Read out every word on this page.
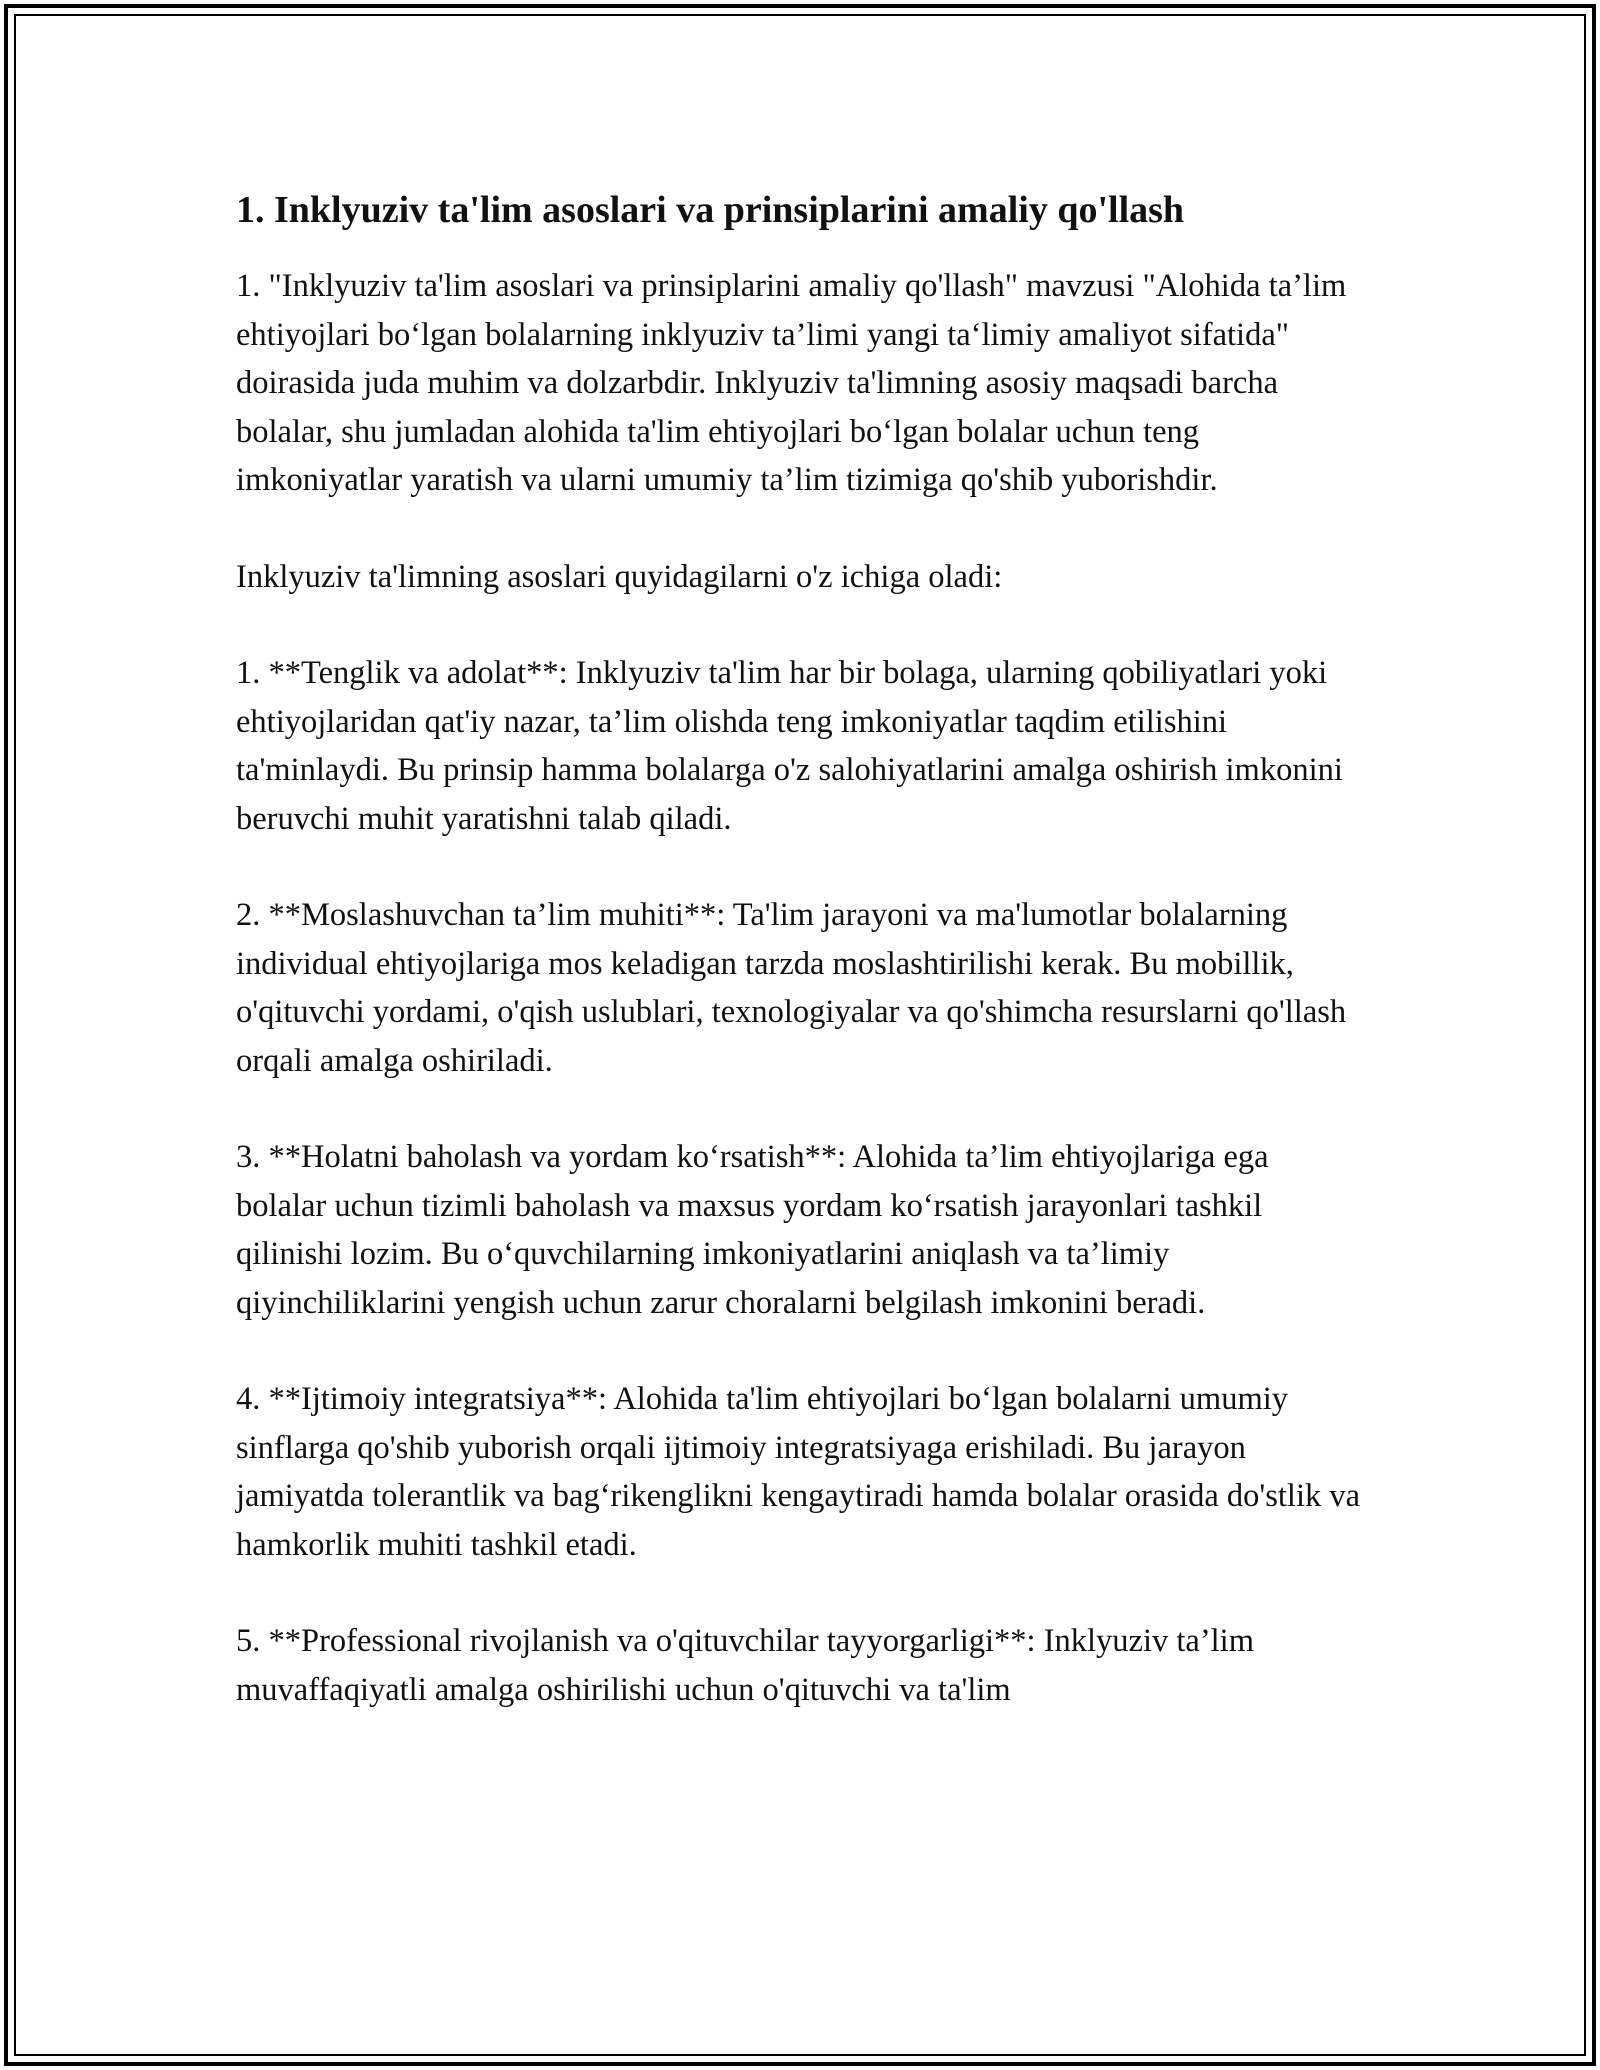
1. Inklyuziv ta'lim asoslari va prinsiplarini amaliy qo'llash

1. "Inklyuziv ta'lim asoslari va prinsiplarini amaliy qo'llash" mavzusi "Alohida ta’lim ehtiyojlari bo‘lgan bolalarning inklyuziv ta’limi yangi ta‘limiy amaliyot sifatida" doirasida juda muhim va dolzarbdir. Inklyuziv ta'limning asosiy maqsadi barcha bolalar, shu jumladan alohida ta'lim ehtiyojlari bo‘lgan bolalar uchun teng imkoniyatlar yaratish va ularni umumiy ta’lim tizimiga qo'shib yuborishdir.

Inklyuziv ta'limning asoslari quyidagilarni o'z ichiga oladi:

1. **Tenglik va adolat**: Inklyuziv ta'lim har bir bolaga, ularning qobiliyatlari yoki ehtiyojlaridan qat'iy nazar, ta’lim olishda teng imkoniyatlar taqdim etilishini ta'minlaydi. Bu prinsip hamma bolalarga o'z salohiyatlarini amalga oshirish imkonini beruvchi muhit yaratishni talab qiladi.

2. **Moslashuvchan ta’lim muhiti**: Ta'lim jarayoni va ma'lumotlar bolalarning individual ehtiyojlariga mos keladigan tarzda moslashtirilishi kerak. Bu mobillik, o'qituvchi yordami, o'qish uslublari, texnologiyalar va qo'shimcha resurslarni qo'llash orqali amalga oshiriladi.

3. **Holatni baholash va yordam ko‘rsatish**: Alohida ta’lim ehtiyojlariga ega bolalar uchun tizimli baholash va maxsus yordam ko‘rsatish jarayonlari tashkil qilinishi lozim. Bu o‘quvchilarning imkoniyatlarini aniqlash va ta’limiy qiyinchiliklarini yengish uchun zarur choralarni belgilash imkonini beradi.

4. **Ijtimoiy integratsiya**: Alohida ta'lim ehtiyojlari bo‘lgan bolalarni umumiy sinflarga qo'shib yuborish orqali ijtimoiy integratsiyaga erishiladi. Bu jarayon jamiyatda tolerantlik va bag‘rikenglikni kengaytiradi hamda bolalar orasida do'stlik va hamkorlik muhiti tashkil etadi.

5. **Professional rivojlanish va o'qituvchilar tayyorgarligi**: Inklyuziv ta’lim muvaffaqiyatli amalga oshirilishi uchun o'qituvchi va ta'lim
